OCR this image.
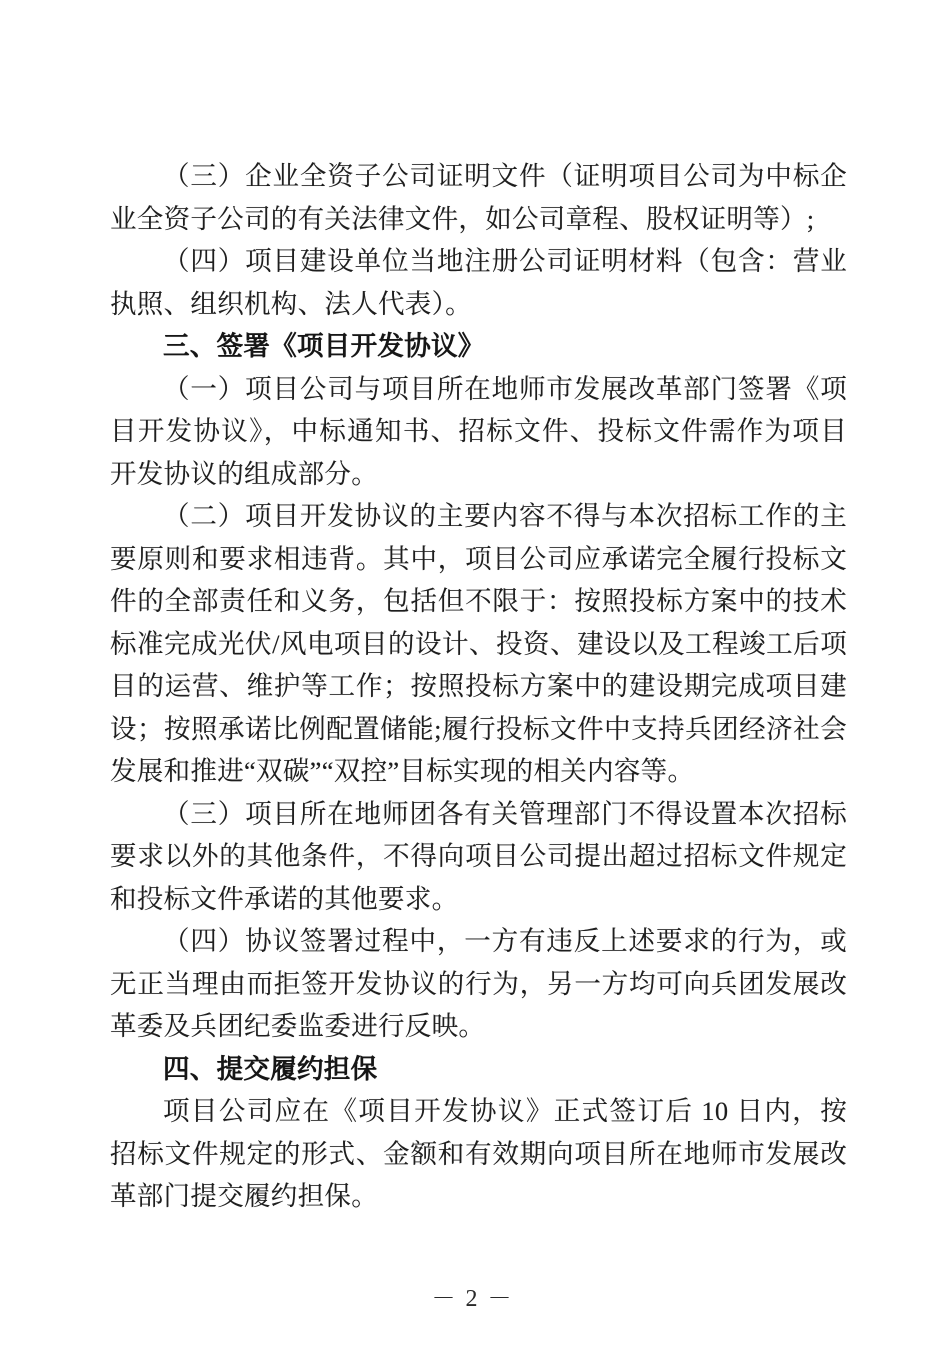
（三）企业全资子公司证明文件（证明项目公司为中标企业全资子公司的有关法律文件，如公司章程、股权证明等）;

（四）项目建设单位当地注册公司证明材料（包含：营业执照、组织机构、法人代表）。

三、签署《项目开发协议》

（一）项目公司与项目所在地师市发展改革部门签署《项目开发协议》，中标通知书、招标文件、投标文件需作为项目开发协议的组成部分。

（二）项目开发协议的主要内容不得与本次招标工作的主要原则和要求相违背。其中，项目公司应承诺完全履行投标文件的全部责任和义务，包括但不限于：按照投标方案中的技术标准完成光伏/风电项目的设计、投资、建设以及工程竣工后项目的运营、维护等工作；按照投标方案中的建设期完成项目建设；按照承诺比例配置储能;履行投标文件中支持兵团经济社会发展和推进“双碳”“双控”目标实现的相关内容等。

（三）项目所在地师团各有关管理部门不得设置本次招标要求以外的其他条件，不得向项目公司提出超过招标文件规定和投标文件承诺的其他要求。

（四）协议签署过程中，一方有违反上述要求的行为，或无正当理由而拒签开发协议的行为，另一方均可向兵团发展改革委及兵团纪委监委进行反映。

四、提交履约担保

项目公司应在《项目开发协议》正式签订后 10 日内，按招标文件规定的形式、金额和有效期向项目所在地师市发展改革部门提交履约担保。

－ 2 －
